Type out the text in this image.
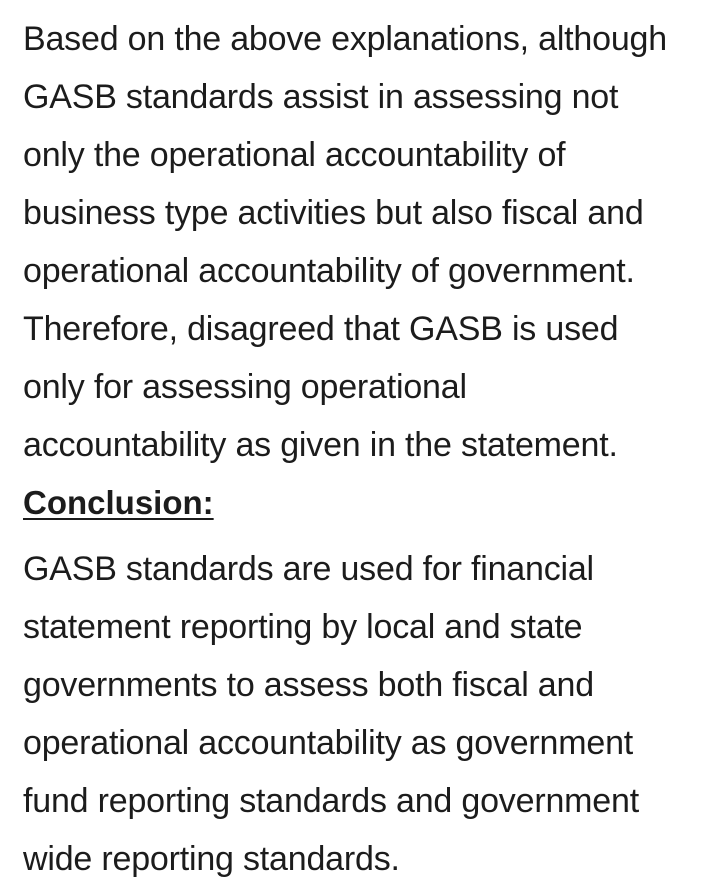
Based on the above explanations, although
GASB standards assist in assessing not
only the operational accountability of
business type activities but also fiscal and
operational accountability of government.
Therefore, disagreed that GASB is used
only for assessing operational
accountability as given in the statement.

Conclusion:

GASB standards are used for financial
statement reporting by local and state
governments to assess both fiscal and
operational accountability as government
fund reporting standards and government
wide reporting standards.
